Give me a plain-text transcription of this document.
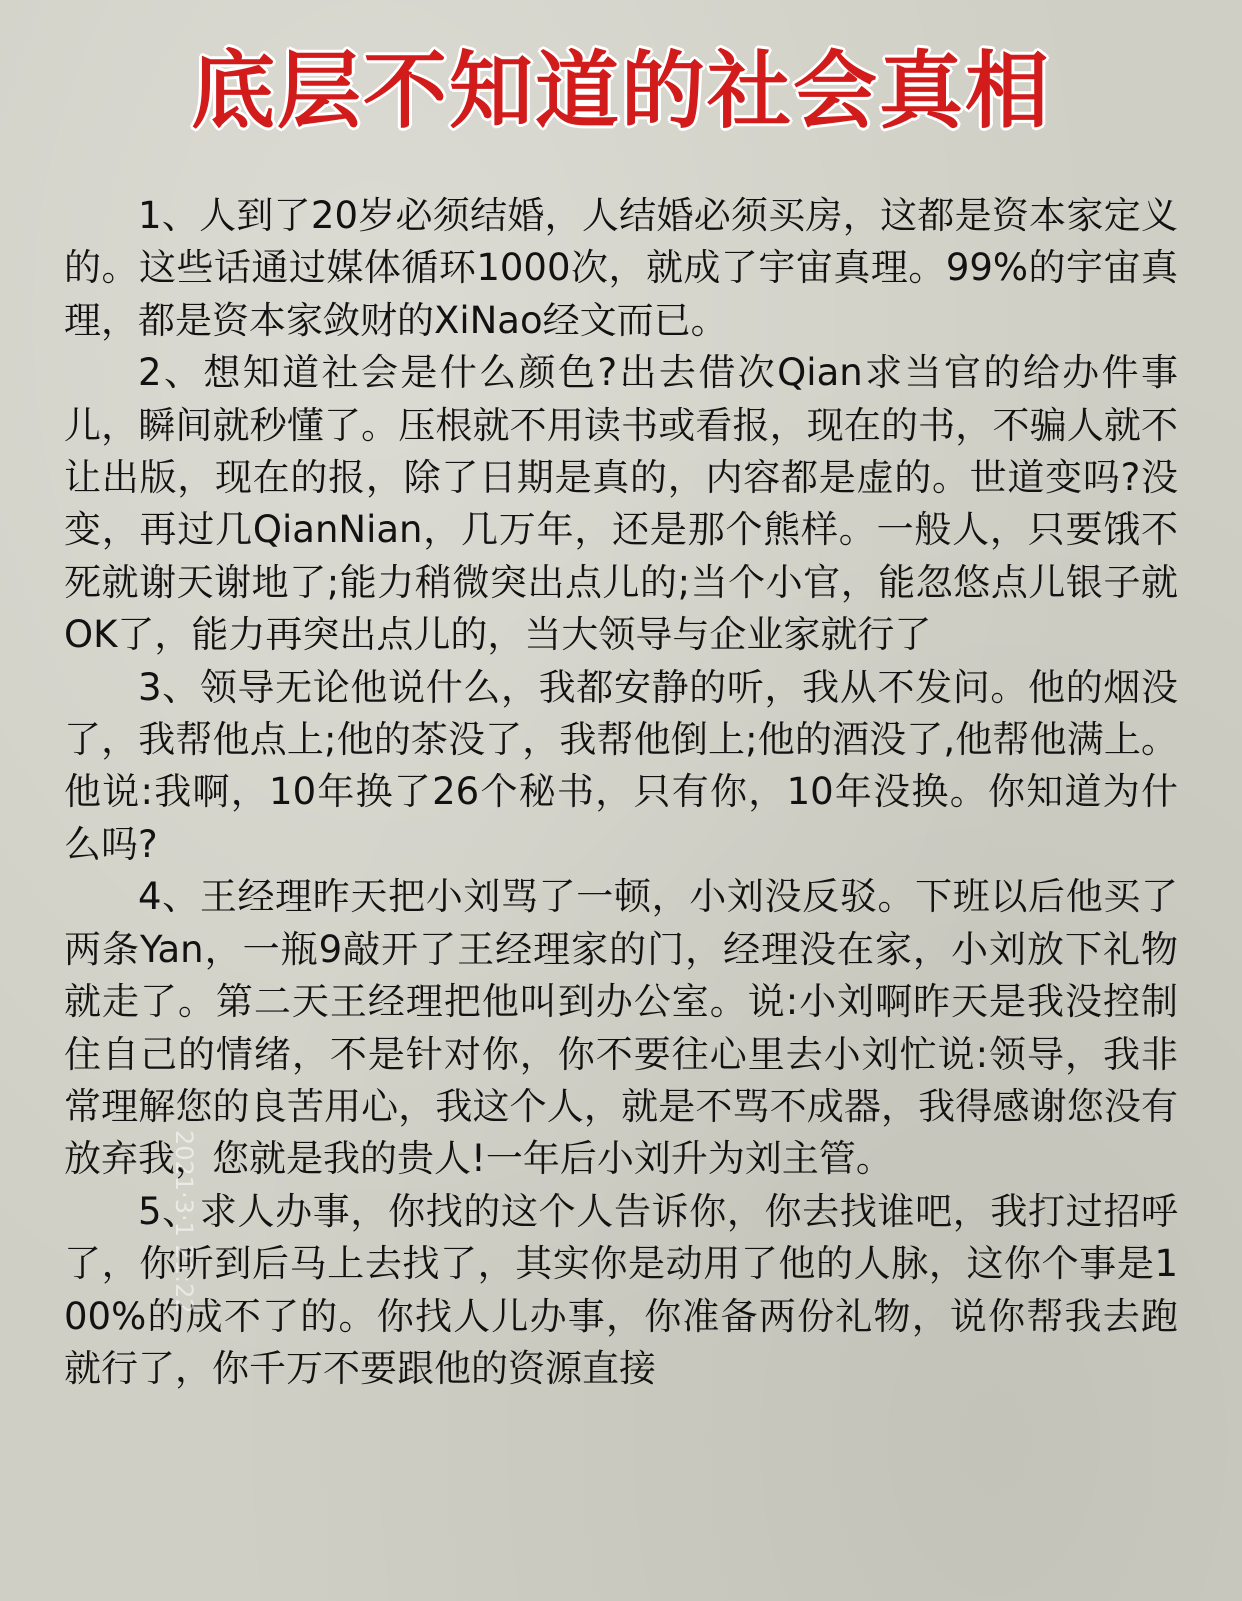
底层不知道的社会真相

1、人到了20岁必须结婚，人结婚必须买房，这都是资本家定义的。这些话通过媒体循环1000次，就成了宇宙真理。99%的宇宙真理，都是资本家敛财的XiNao经文而已。

2、想知道社会是什么颜色?出去借次Qian求当官的给办件事儿，瞬间就秒懂了。压根就不用读书或看报，现在的书，不骗人就不让出版，现在的报，除了日期是真的，内容都是虚的。世道变吗?没变，再过几QianNian，几万年，还是那个熊样。一般人，只要饿不死就谢天谢地了;能力稍微突出点儿的;当个小官，能忽悠点儿银子就OK了，能力再突出点儿的，当大领导与企业家就行了

3、领导无论他说什么，我都安静的听，我从不发问。他的烟没了，我帮他点上;他的茶没了，我帮他倒上;他的酒没了,他帮他满上。他说:我啊，10年换了26个秘书，只有你，10年没换。你知道为什么吗?

4、王经理昨天把小刘骂了一顿，小刘没反驳。下班以后他买了两条Yan，一瓶9敲开了王经理家的门，经理没在家，小刘放下礼物就走了。第二天王经理把他叫到办公室。说:小刘啊昨天是我没控制住自己的情绪，不是针对你，你不要往心里去小刘忙说:领导，我非常理解您的良苦用心，我这个人，就是不骂不成器，我得感谢您没有放弃我，您就是我的贵人!一年后小刘升为刘主管。

5、求人办事，你找的这个人告诉你，你去找谁吧，我打过招呼了，你听到后马上去找了，其实你是动用了他的人脉，这你个事是100%的成不了的。你找人儿办事，你准备两份礼物，说你帮我去跑就行了，你千万不要跟他的资源直接

2021·3·1 21:22
